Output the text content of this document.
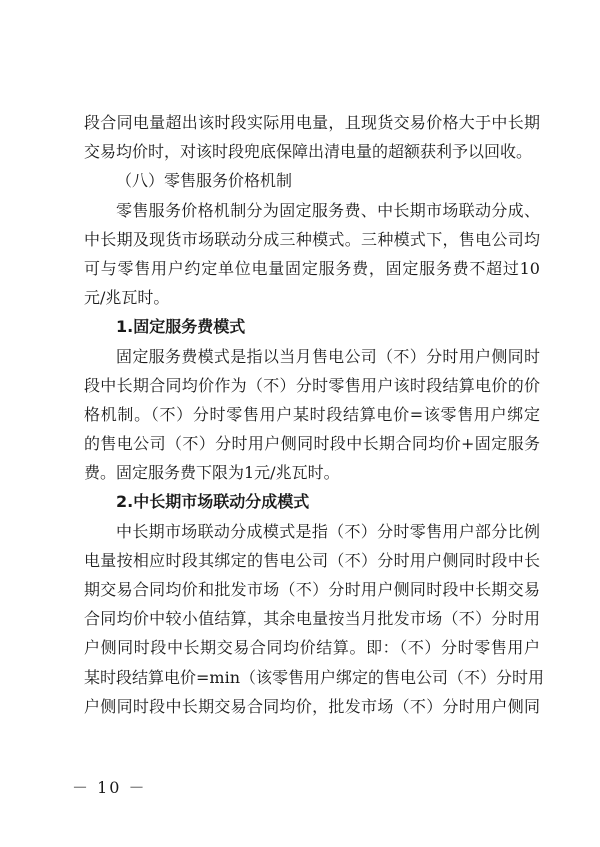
段合同电量超出该时段实际用电量，且现货交易价格大于中长期
交易均价时，对该时段兜底保障出清电量的超额获利予以回收。
（八）零售服务价格机制
零售服务价格机制分为固定服务费、中长期市场联动分成、
中长期及现货市场联动分成三种模式。三种模式下，售电公司均
可与零售用户约定单位电量固定服务费，固定服务费不超过10
元/兆瓦时。
1.固定服务费模式
固定服务费模式是指以当月售电公司（不）分时用户侧同时
段中长期合同均价作为（不）分时零售用户该时段结算电价的价
格机制。（不）分时零售用户某时段结算电价=该零售用户绑定
的售电公司（不）分时用户侧同时段中长期合同均价+固定服务
费。固定服务费下限为1元/兆瓦时。
2.中长期市场联动分成模式
中长期市场联动分成模式是指（不）分时零售用户部分比例
电量按相应时段其绑定的售电公司（不）分时用户侧同时段中长
期交易合同均价和批发市场（不）分时用户侧同时段中长期交易
合同均价中较小值结算，其余电量按当月批发市场（不）分时用
户侧同时段中长期交易合同均价结算。即：（不）分时零售用户
某时段结算电价=min（该零售用户绑定的售电公司（不）分时用
户侧同时段中长期交易合同均价，批发市场（不）分时用户侧同
－ 10 －
